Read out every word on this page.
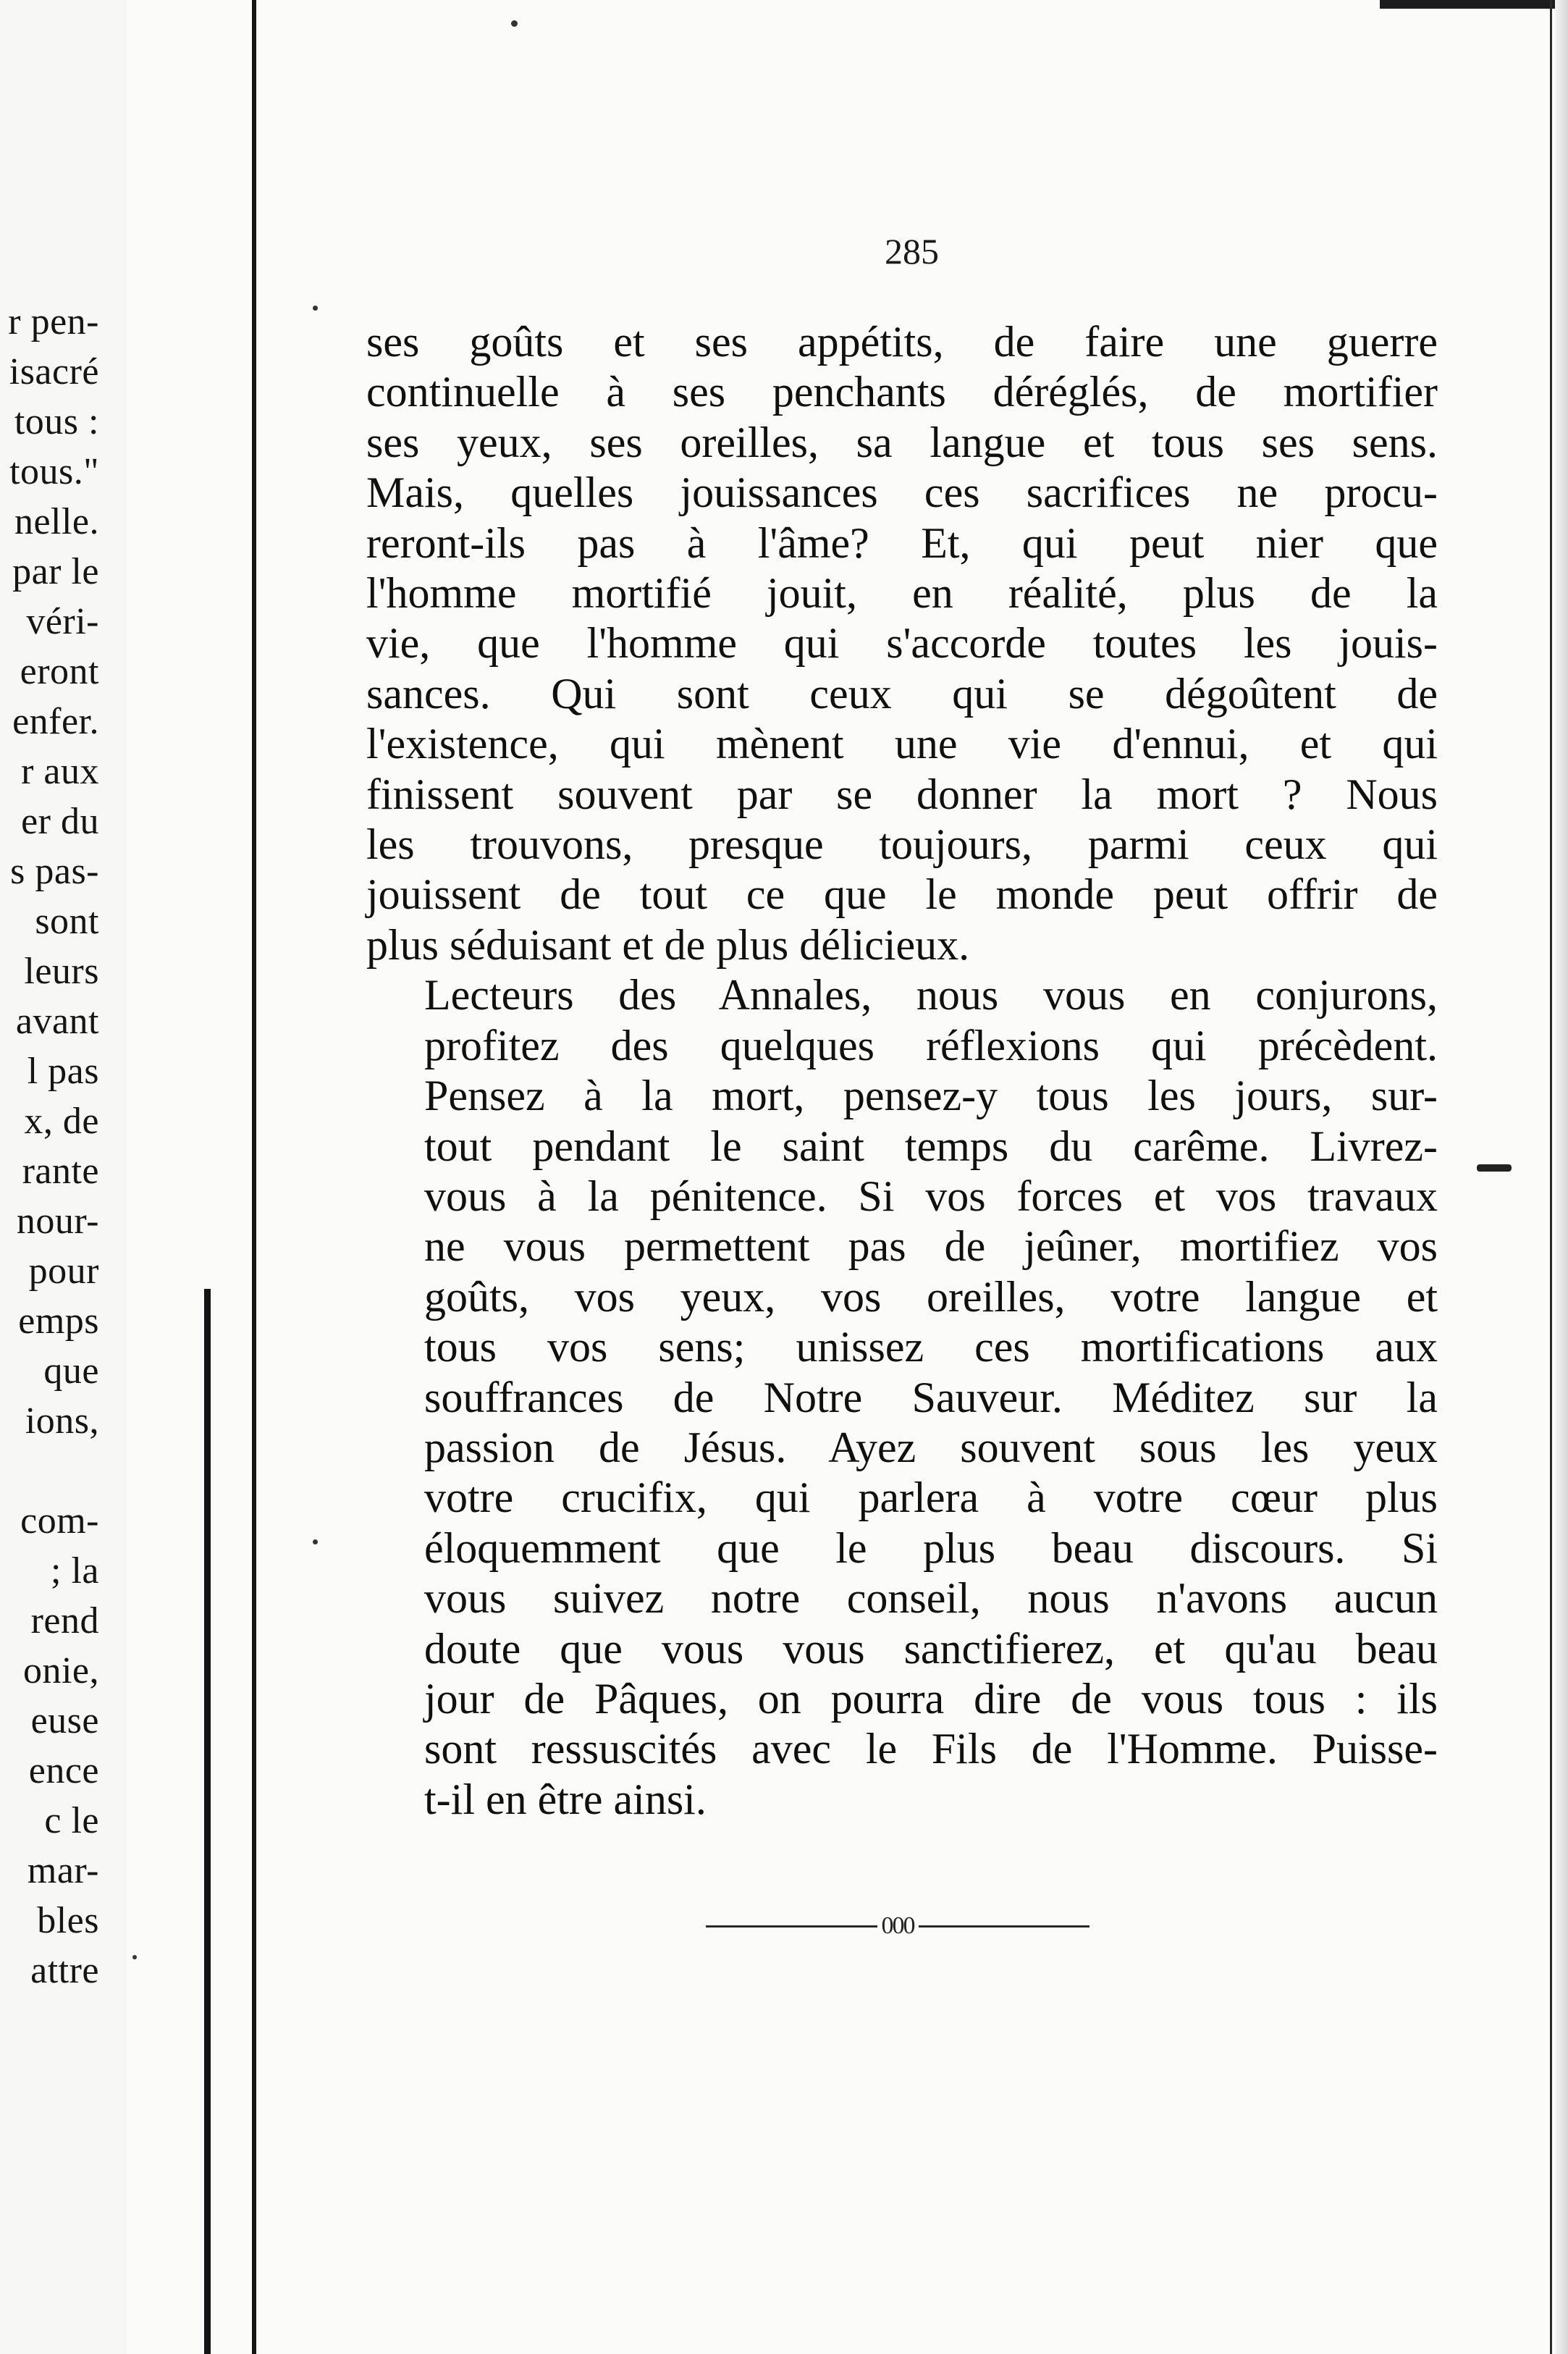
r pen-
isacré
tous :
tous."
nelle.
par le
véri-
eront
enfer.
r aux
er du
s pas-
sont
leurs
avant
l pas
x, de
rante
nour-
pour
emps
que
ions,
com-
; la
rend
onie,
euse
ence
c le
mar-
bles
attre
285
ses goûts et ses appétits, de faire une guerre
continuelle à ses penchants déréglés, de mortifier
ses yeux, ses oreilles, sa langue et tous ses sens.
Mais, quelles jouissances ces sacrifices ne procu-
reront-ils pas à l'âme? Et, qui peut nier que
l'homme mortifié jouit, en réalité, plus de la
vie, que l'homme qui s'accorde toutes les jouis-
sances. Qui sont ceux qui se dégoûtent de
l'existence, qui mènent une vie d'ennui, et qui
finissent souvent par se donner la mort ? Nous
les trouvons, presque toujours, parmi ceux qui
jouissent de tout ce que le monde peut offrir de
plus séduisant et de plus délicieux.
Lecteurs des Annales, nous vous en conjurons,
profitez des quelques réflexions qui précèdent.
Pensez à la mort, pensez-y tous les jours, sur-
tout pendant le saint temps du carême. Livrez-
vous à la pénitence. Si vos forces et vos travaux
ne vous permettent pas de jeûner, mortifiez vos
goûts, vos yeux, vos oreilles, votre langue et
tous vos sens; unissez ces mortifications aux
souffrances de Notre Sauveur. Méditez sur la
passion de Jésus. Ayez souvent sous les yeux
votre crucifix, qui parlera à votre cœur plus
éloquemment que le plus beau discours. Si
vous suivez notre conseil, nous n'avons aucun
doute que vous vous sanctifierez, et qu'au beau
jour de Pâques, on pourra dire de vous tous : ils
sont ressuscités avec le Fils de l'Homme. Puisse-
t-il en être ainsi.
000
